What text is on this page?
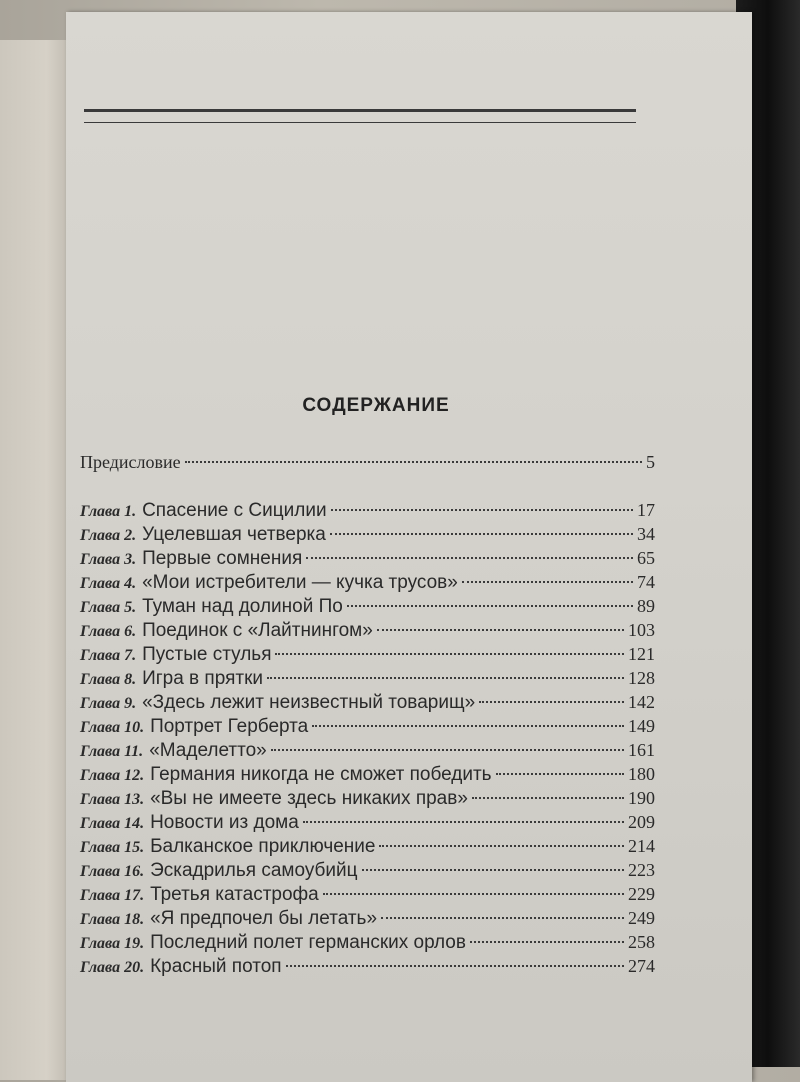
СОДЕРЖАНИЕ
Предисловие	5
Глава 1. Спасение с Сицилии	17
Глава 2. Уцелевшая четверка	34
Глава 3. Первые сомнения	65
Глава 4. «Мои истребители — кучка трусов»	74
Глава 5. Туман над долиной По	89
Глава 6. Поединок с «Лайтнингом»	103
Глава 7. Пустые стулья	121
Глава 8. Игра в прятки	128
Глава 9. «Здесь лежит неизвестный товарищ»	142
Глава 10. Портрет Герберта	149
Глава 11. «Маделетто»	161
Глава 12. Германия никогда не сможет победить	180
Глава 13. «Вы не имеете здесь никаких прав»	190
Глава 14. Новости из дома	209
Глава 15. Балканское приключение	214
Глава 16. Эскадрилья самоубийц	223
Глава 17. Третья катастрофа	229
Глава 18. «Я предпочел бы летать»	249
Глава 19. Последний полет германских орлов	258
Глава 20. Красный потоп	274
